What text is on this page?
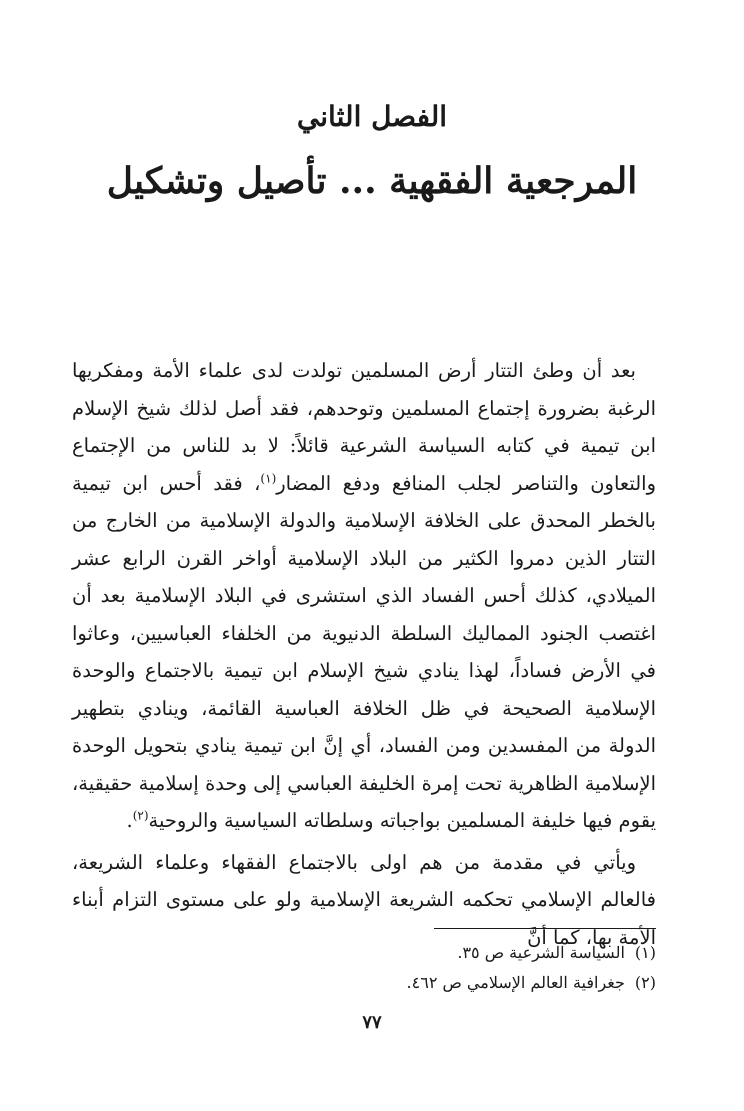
الفصل الثاني
المرجعية الفقهية ... تأصيل وتشكيل

بعد أن وطئ التتار أرض المسلمين تولدت لدى علماء الأمة ومفكريها الرغبة بضرورة إجتماع المسلمين وتوحدهم، فقد أصل لذلك شيخ الإسلام ابن تيمية في كتابه السياسة الشرعية قائلاً: لا بد للناس من الإجتماع والتعاون والتناصر لجلب المنافع ودفع المضار$^{(١)}$، فقد أحس ابن تيمية بالخطر المحدق على الخلافة الإسلامية والدولة الإسلامية من الخارج من التتار الذين دمروا الكثير من البلاد الإسلامية أواخر القرن الرابع عشر الميلادي، كذلك أحس الفساد الذي استشرى في البلاد الإسلامية بعد أن اغتصب الجنود المماليك السلطة الدنيوية من الخلفاء العباسيين، وعاثوا في الأرض فساداً، لهذا ينادي شيخ الإسلام ابن تيمية بالاجتماع والوحدة الإسلامية الصحيحة في ظل الخلافة العباسية القائمة، وينادي بتطهير الدولة من المفسدين ومن الفساد، أي إنَّ ابن تيمية ينادي بتحويل الوحدة الإسلامية الظاهرية تحت إمرة الخليفة العباسي إلى وحدة إسلامية حقيقية، يقوم فيها خليفة المسلمين بواجباته وسلطاته السياسية والروحية$^{(٢)}$.

ويأتي في مقدمة من هم اولى بالاجتماع الفقهاء وعلماء الشريعة، فالعالم الإسلامي تحكمه الشريعة الإسلامية ولو على مستوى التزام أبناء الأمة بها، كما أنَّ

(١)السياسة الشرعية ص ٣٥.
(٢)جغرافية العالم الإسلامي ص ٤٦٢.
٧٧
